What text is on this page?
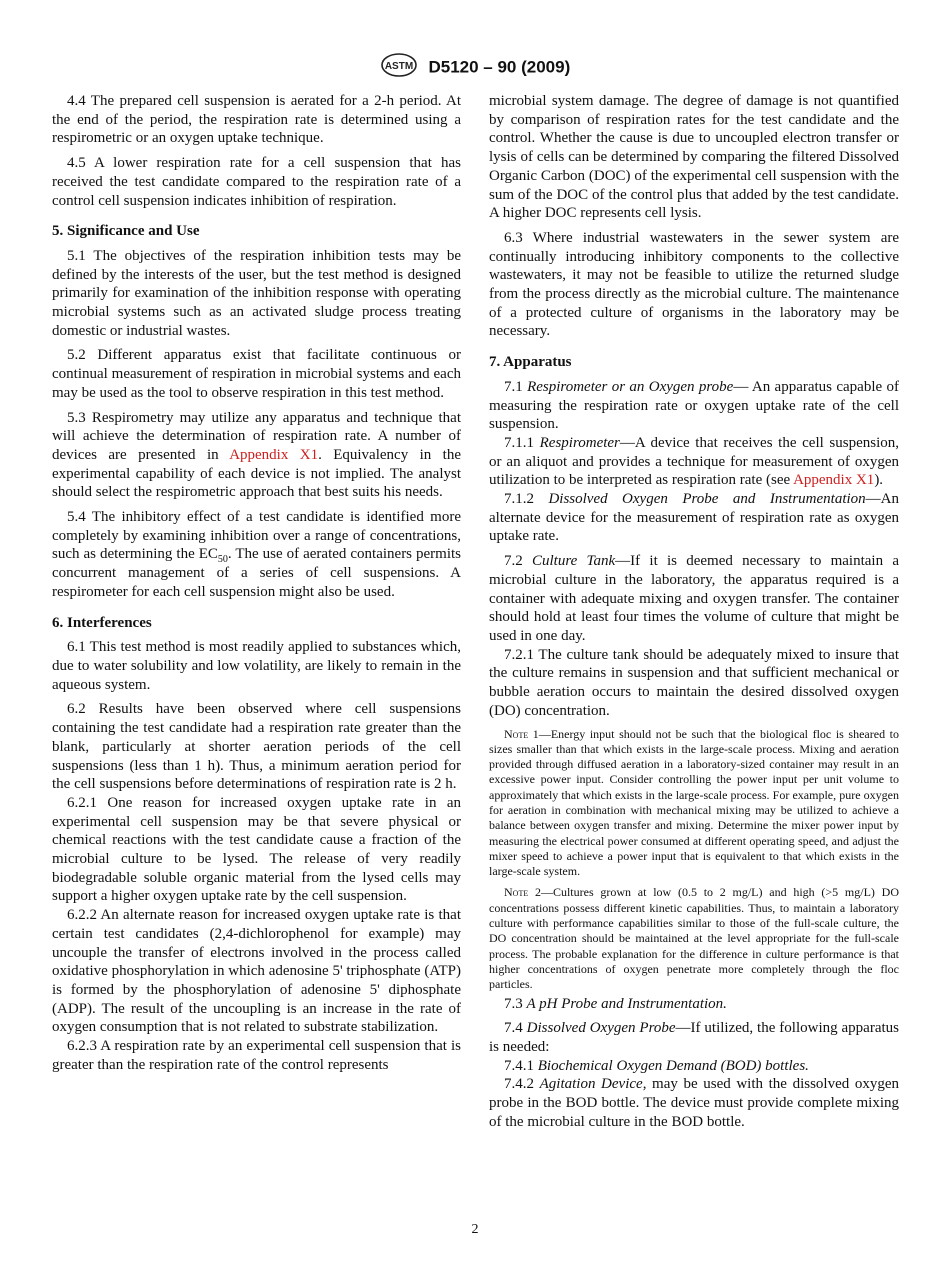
ASTM D5120 – 90 (2009)

4.4 The prepared cell suspension is aerated for a 2-h period. At the end of the period, the respiration rate is determined using a respirometric or an oxygen uptake technique.

4.5 A lower respiration rate for a cell suspension that has received the test candidate compared to the respiration rate of a control cell suspension indicates inhibition of respiration.

5. Significance and Use

5.1 The objectives of the respiration inhibition tests may be defined by the interests of the user, but the test method is designed primarily for examination of the inhibition response with operating microbial systems such as an activated sludge process treating domestic or industrial wastes.

5.2 Different apparatus exist that facilitate continuous or continual measurement of respiration in microbial systems and each may be used as the tool to observe respiration in this test method.

5.3 Respirometry may utilize any apparatus and technique that will achieve the determination of respiration rate. A number of devices are presented in Appendix X1. Equivalency in the experimental capability of each device is not implied. The analyst should select the respirometric approach that best suits his needs.

5.4 The inhibitory effect of a test candidate is identified more completely by examining inhibition over a range of concentrations, such as determining the $EC_{50}$. The use of aerated containers permits concurrent management of a series of cell suspensions. A respirometer for each cell suspension might also be used.

6. Interferences

6.1 This test method is most readily applied to substances which, due to water solubility and low volatility, are likely to remain in the aqueous system.

6.2 Results have been observed where cell suspensions containing the test candidate had a respiration rate greater than the blank, particularly at shorter aeration periods of the cell suspensions (less than 1 h). Thus, a minimum aeration period for the cell suspensions before determinations of respiration rate is 2 h.

6.2.1 One reason for increased oxygen uptake rate in an experimental cell suspension may be that severe physical or chemical reactions with the test candidate cause a fraction of the microbial culture to be lysed. The release of very readily biodegradable soluble organic material from the lysed cells may support a higher oxygen uptake rate by the cell suspension.

6.2.2 An alternate reason for increased oxygen uptake rate is that certain test candidates (2,4-dichlorophenol for example) may uncouple the transfer of electrons involved in the process called oxidative phosphorylation in which adenosine 5' triphosphate (ATP) is formed by the phosphorylation of adenosine 5' diphosphate (ADP). The result of the uncoupling is an increase in the rate of oxygen consumption that is not related to substrate stabilization.

6.2.3 A respiration rate by an experimental cell suspension that is greater than the respiration rate of the control represents

microbial system damage. The degree of damage is not quantified by comparison of respiration rates for the test candidate and the control. Whether the cause is due to uncoupled electron transfer or lysis of cells can be determined by comparing the filtered Dissolved Organic Carbon (DOC) of the experimental cell suspension with the sum of the DOC of the control plus that added by the test candidate. A higher DOC represents cell lysis.

6.3 Where industrial wastewaters in the sewer system are continually introducing inhibitory components to the collective wastewaters, it may not be feasible to utilize the returned sludge from the process directly as the microbial culture. The maintenance of a protected culture of organisms in the laboratory may be necessary.

7. Apparatus

7.1 Respirometer or an Oxygen probe— An apparatus capable of measuring the respiration rate or oxygen uptake rate of the cell suspension.

7.1.1 Respirometer—A device that receives the cell suspension, or an aliquot and provides a technique for measurement of oxygen utilization to be interpreted as respiration rate (see Appendix X1).

7.1.2 Dissolved Oxygen Probe and Instrumentation—An alternate device for the measurement of respiration rate as oxygen uptake rate.

7.2 Culture Tank—If it is deemed necessary to maintain a microbial culture in the laboratory, the apparatus required is a container with adequate mixing and oxygen transfer. The container should hold at least four times the volume of culture that might be used in one day.

7.2.1 The culture tank should be adequately mixed to insure that the culture remains in suspension and that sufficient mechanical or bubble aeration occurs to maintain the desired dissolved oxygen (DO) concentration.

Note 1—Energy input should not be such that the biological floc is sheared to sizes smaller than that which exists in the large-scale process. Mixing and aeration provided through diffused aeration in a laboratory-sized container may result in an excessive power input. Consider controlling the power input per unit volume to approximately that which exists in the large-scale process. For example, pure oxygen for aeration in combination with mechanical mixing may be utilized to achieve a balance between oxygen transfer and mixing. Determine the mixer power input by measuring the electrical power consumed at different operating speed, and adjust the mixer speed to achieve a power input that is equivalent to that which exists in the large-scale system.

Note 2—Cultures grown at low (0.5 to 2 mg/L) and high (>5 mg/L) DO concentrations possess different kinetic capabilities. Thus, to maintain a laboratory culture with performance capabilities similar to those of the full-scale culture, the DO concentration should be maintained at the level appropriate for the full-scale process. The probable explanation for the difference in culture performance is that higher concentrations of oxygen penetrate more completely through the floc particles.

7.3 A pH Probe and Instrumentation.

7.4 Dissolved Oxygen Probe—If utilized, the following apparatus is needed:

7.4.1 Biochemical Oxygen Demand (BOD) bottles.

7.4.2 Agitation Device, may be used with the dissolved oxygen probe in the BOD bottle. The device must provide complete mixing of the microbial culture in the BOD bottle.

2
